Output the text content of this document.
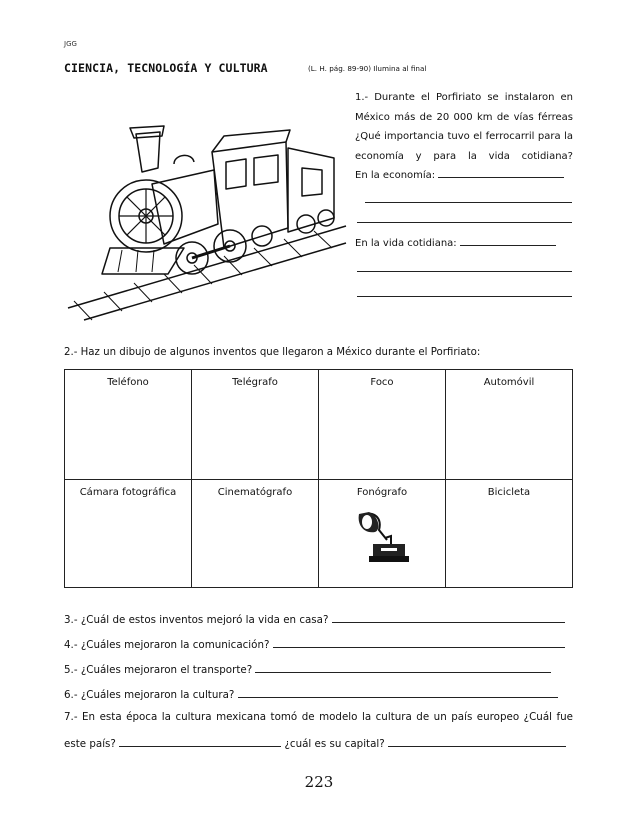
JGG
CIENCIA, TECNOLOGÍA Y CULTURA	(L. H. pág. 89-90) Ilumina al final
1.- Durante el Porfiriato se instalaron en México más de 20 000 km de vías férreas ¿Qué importancia tuvo el ferrocarril para la economía y para la vida cotidiana?
En la economía:
En la vida cotidiana:
2.- Haz un dibujo de algunos inventos que llegaron a México durante el Porfiriato:
Teléfono	Telégrafo	Foco	Automóvil
Cámara fotográfica	Cinematógrafo	Fonógrafo	Bicicleta
3.- ¿Cuál de estos inventos mejoró la vida en casa?
4.- ¿Cuáles mejoraron la comunicación?
5.- ¿Cuáles mejoraron el transporte?
6.- ¿Cuáles mejoraron la cultura?
7.- En esta época la cultura mexicana tomó de modelo la cultura de un país europeo ¿Cuál fue
este país?	¿cuál es su capital?
223
